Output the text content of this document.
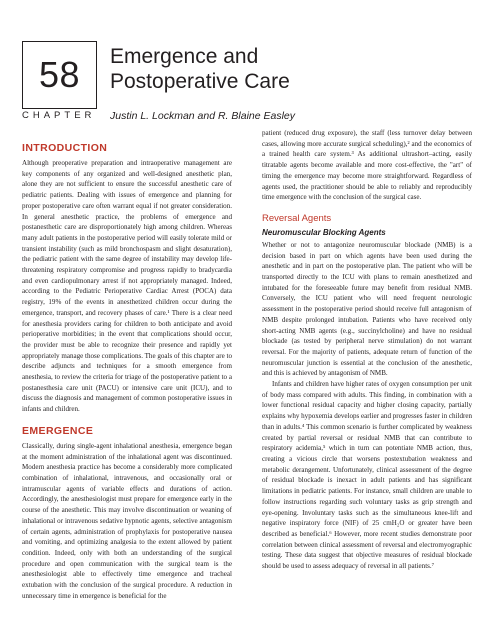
58
CHAPTER
Emergence and
Postoperative Care
Justin L. Lockman and R. Blaine Easley
INTRODUCTION

Although preoperative preparation and intraoperative management are key components of any organized and well-designed anesthetic plan, alone they are not sufficient to ensure the successful anesthetic care of pediatric patients. Dealing with issues of emergence and planning for proper postoperative care often warrant equal if not greater consideration. In general anesthetic practice, the problems of emergence and postanesthetic care are disproportionately high among children. Whereas many adult patients in the postoperative period will easily tolerate mild or transient instability (such as mild bronchospasm and slight desaturation), the pediatric patient with the same degree of instability may develop life-threatening respiratory compromise and progress rapidly to bradycardia and even cardiopulmonary arrest if not appropriately managed. Indeed, according to the Pediatric Perioperative Cardiac Arrest (POCA) data registry, 19% of the events in anesthetized children occur during the emergence, transport, and recovery phases of care.¹ There is a clear need for anesthesia providers caring for children to both anticipate and avoid perioperative morbidities; in the event that complications should occur, the provider must be able to recognize their presence and rapidly yet appropriately manage those complications. The goals of this chapter are to describe adjuncts and techniques for a smooth emergence from anesthesia, to review the criteria for triage of the postoperative patient to a postanesthesia care unit (PACU) or intensive care unit (ICU), and to discuss the diagnosis and management of common postoperative issues in infants and children.

EMERGENCE

Classically, during single-agent inhalational anesthesia, emergence began at the moment administration of the inhalational agent was discontinued. Modern anesthesia practice has become a considerably more complicated combination of inhalational, intravenous, and occasionally oral or intramuscular agents of variable effects and durations of action. Accordingly, the anesthesiologist must prepare for emergence early in the course of the anesthetic. This may involve discontinuation or weaning of inhalational or intravenous sedative hypnotic agents, selective antagonism of certain agents, administration of prophylaxis for postoperative nausea and vomiting, and optimizing analgesia to the extent allowed by patient condition. Indeed, only with both an understanding of the surgical procedure and open communication with the surgical team is the anesthesiologist able to effectively time emergence and tracheal extubation with the conclusion of the surgical procedure. A reduction in unnecessary time in emergence is beneficial for the

patient (reduced drug exposure), the staff (less turnover delay between cases, allowing more accurate surgical scheduling),² and the economics of a trained health care system.³ As additional ultrashort–acting, easily titratable agents become available and more cost-effective, the "art" of timing the emergence may become more straightforward. Regardless of agents used, the practitioner should be able to reliably and reproducibly time emergence with the conclusion of the surgical case.

Reversal Agents
Neuromuscular Blocking Agents

Whether or not to antagonize neuromuscular blockade (NMB) is a decision based in part on which agents have been used during the anesthetic and in part on the postoperative plan. The patient who will be transported directly to the ICU with plans to remain anesthetized and intubated for the foreseeable future may benefit from residual NMB. Conversely, the ICU patient who will need frequent neurologic assessment in the postoperative period should receive full antagonism of NMB despite prolonged intubation. Patients who have received only short-acting NMB agents (e.g., succinylcholine) and have no residual blockade (as tested by peripheral nerve stimulation) do not warrant reversal. For the majority of patients, adequate return of function of the neuromuscular junction is essential at the conclusion of the anesthetic, and this is achieved by antagonism of NMB.

Infants and children have higher rates of oxygen consumption per unit of body mass compared with adults. This finding, in combination with a lower functional residual capacity and higher closing capacity, partially explains why hypoxemia develops earlier and progresses faster in children than in adults.⁴ This common scenario is further complicated by weakness created by partial reversal or residual NMB that can contribute to respiratory acidemia,⁵ which in turn can potentiate NMB action, thus, creating a vicious circle that worsens postextubation weakness and metabolic derangement. Unfortunately, clinical assessment of the degree of residual blockade is inexact in adult patients and has significant limitations in pediatric patients. For instance, small children are unable to follow instructions regarding such voluntary tasks as grip strength and eye-opening. Involuntary tasks such as the simultaneous knee-lift and negative inspiratory force (NIF) of 25 cmH₂O or greater have been described as beneficial.⁶ However, more recent studies demonstrate poor correlation between clinical assessment of reversal and electromyographic testing. These data suggest that objective measures of residual blockade should be used to assess adequacy of reversal in all patients.⁷
